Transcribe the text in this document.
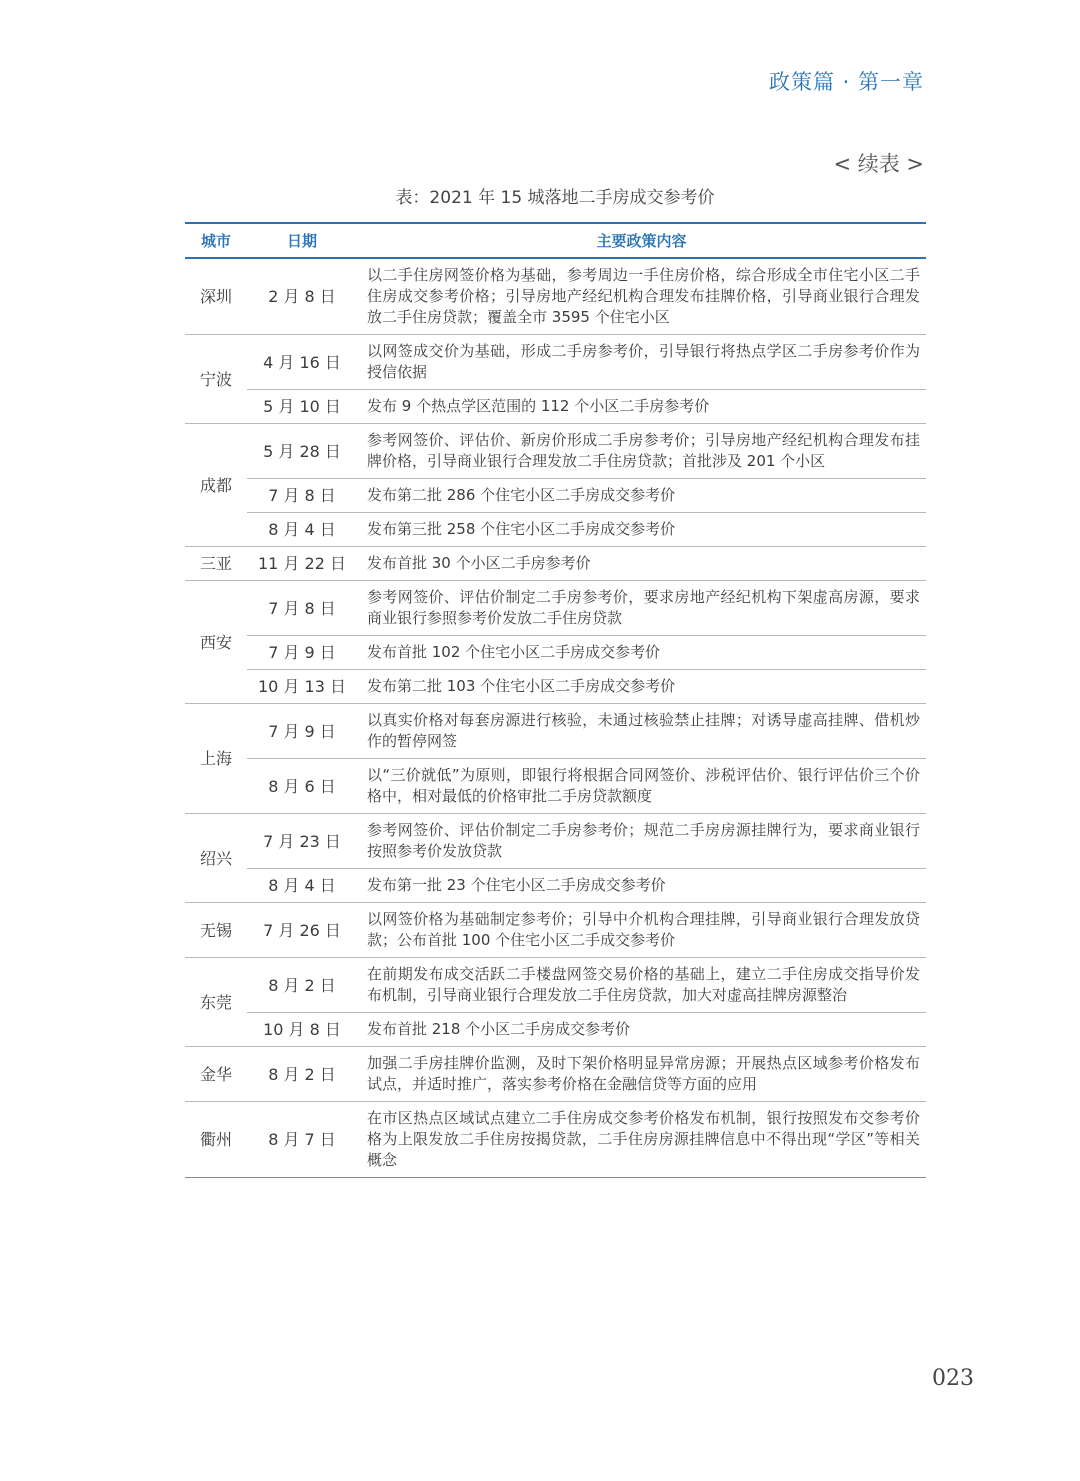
政策篇 · 第一章
< 续表 >
表：2021 年 15 城落地二手房成交参考价
城市	日期	主要政策内容
深圳	2 月 8 日	以二手住房网签价格为基础，参考周边一手住房价格，综合形成全市住宅小区二手住房成交参考价格；引导房地产经纪机构合理发布挂牌价格，引导商业银行合理发放二手住房贷款；覆盖全市 3595 个住宅小区
宁波	4 月 16 日	以网签成交价为基础，形成二手房参考价，引导银行将热点学区二手房参考价作为授信依据
	5 月 10 日	发布 9 个热点学区范围的 112 个小区二手房参考价
成都	5 月 28 日	参考网签价、评估价、新房价形成二手房参考价；引导房地产经纪机构合理发布挂牌价格，引导商业银行合理发放二手住房贷款；首批涉及 201 个小区
	7 月 8 日	发布第二批 286 个住宅小区二手房成交参考价
	8 月 4 日	发布第三批 258 个住宅小区二手房成交参考价
三亚	11 月 22 日	发布首批 30 个小区二手房参考价
西安	7 月 8 日	参考网签价、评估价制定二手房参考价，要求房地产经纪机构下架虚高房源，要求商业银行参照参考价发放二手住房贷款
	7 月 9 日	发布首批 102 个住宅小区二手房成交参考价
	10 月 13 日	发布第二批 103 个住宅小区二手房成交参考价
上海	7 月 9 日	以真实价格对每套房源进行核验，未通过核验禁止挂牌；对诱导虚高挂牌、借机炒作的暂停网签
	8 月 6 日	以“三价就低”为原则，即银行将根据合同网签价、涉税评估价、银行评估价三个价格中，相对最低的价格审批二手房贷款额度
绍兴	7 月 23 日	参考网签价、评估价制定二手房参考价；规范二手房房源挂牌行为，要求商业银行按照参考价发放贷款
	8 月 4 日	发布第一批 23 个住宅小区二手房成交参考价
无锡	7 月 26 日	以网签价格为基础制定参考价；引导中介机构合理挂牌，引导商业银行合理发放贷款；公布首批 100 个住宅小区二手成交参考价
东莞	8 月 2 日	在前期发布成交活跃二手楼盘网签交易价格的基础上，建立二手住房成交指导价发布机制，引导商业银行合理发放二手住房贷款，加大对虚高挂牌房源整治
	10 月 8 日	发布首批 218 个小区二手房成交参考价
金华	8 月 2 日	加强二手房挂牌价监测，及时下架价格明显异常房源；开展热点区域参考价格发布试点，并适时推广，落实参考价格在金融信贷等方面的应用
衢州	8 月 7 日	在市区热点区域试点建立二手住房成交参考价格发布机制，银行按照发布交参考价格为上限发放二手住房按揭贷款，二手住房房源挂牌信息中不得出现“学区”等相关概念
023
